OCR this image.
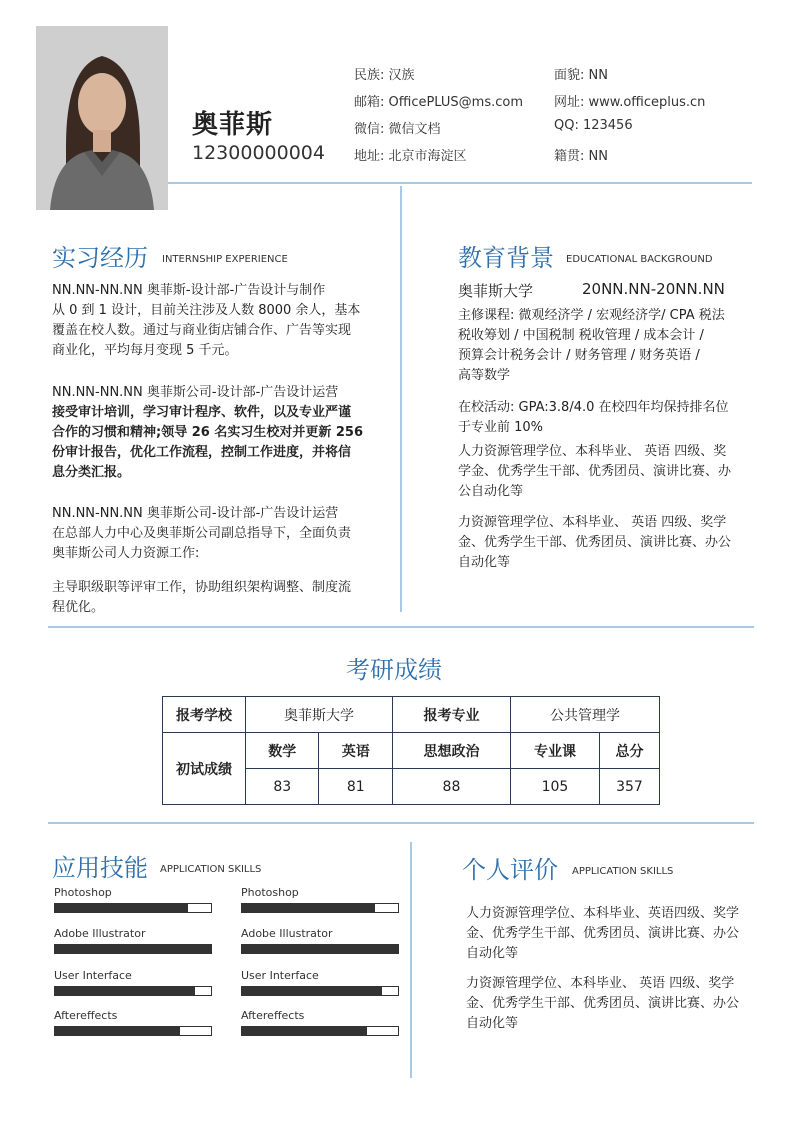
奥菲斯
12300000004
民族: 汉族
邮箱: OfficePLUS@ms.com
微信: 微信文档
地址: 北京市海淀区
面貌: NN
网址: www.officeplus.cn
QQ: 123456
籍贯: NN
实习经历 INTERNSHIP EXPERIENCE
NN.NN-NN.NN 奥菲斯-设计部-广告设计与制作
从 0 到 1 设计，目前关注涉及人数 8000 余人，基本
覆盖在校人数。通过与商业街店铺合作、广告等实现
商业化，平均每月变现 5 千元。
NN.NN-NN.NN 奥菲斯公司-设计部-广告设计运营
接受审计培训，学习审计程序、软件，以及专业严谨
合作的习惯和精神;领导 26 名实习生校对并更新 256
份审计报告，优化工作流程，控制工作进度，并将信
息分类汇报。
NN.NN-NN.NN 奥菲斯公司-设计部-广告设计运营
在总部人力中心及奥菲斯公司副总指导下，全面负责
奥菲斯公司人力资源工作:
主导职级职等评审工作，协助组织架构调整、制度流
程优化。
教育背景 EDUCATIONAL BACKGROUND
奥菲斯大学	20NN.NN-20NN.NN
主修课程: 微观经济学 / 宏观经济学/ CPA 税法
税收筹划 / 中国税制 税收管理 / 成本会计 /
预算会计税务会计 / 财务管理 / 财务英语 /
高等数学
在校活动: GPA:3.8/4.0 在校四年均保持排名位
于专业前 10%
人力资源管理学位、本科毕业、 英语 四级、奖
学金、优秀学生干部、优秀团员、演讲比赛、办
公自动化等
力资源管理学位、本科毕业、 英语 四级、奖学
金、优秀学生干部、优秀团员、演讲比赛、办公
自动化等
考研成绩
报考学校	奥菲斯大学		报考专业	公共管理学	
初试成绩	数学	英语	思想政治	专业课	总分
	83	81	88	105	357
应用技能 APPLICATION SKILLS
Photoshop
Adobe Illustrator
User Interface
Aftereffects
Photoshop
Adobe Illustrator
User Interface
Aftereffects
个人评价 APPLICATION SKILLS
人力资源管理学位、本科毕业、英语四级、奖学
金、优秀学生干部、优秀团员、演讲比赛、办公
自动化等
力资源管理学位、本科毕业、 英语 四级、奖学
金、优秀学生干部、优秀团员、演讲比赛、办公
自动化等
